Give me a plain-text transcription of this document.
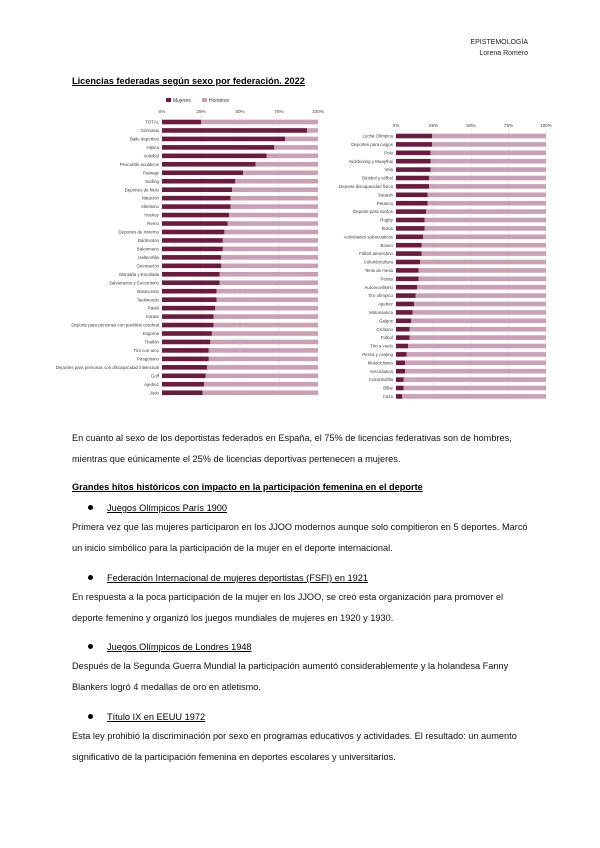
EPISTEMOLOGÍA
Lorena Romero
Licencias federadas según sexo por federación. 2022
0%	25%	50%	75%	100%
Mujeres	Hombres
TOTAL
Gimnasia
Baile deportivo
Hípica
Voleibol
Pesca/Ski acuáticos
Patinaje
Surfing
Deportes de hielo
Natación
Atletismo
Hockey
Remo
Deportes de invierno
Bádminton
Balonmano
Halterofilia
Orientación
Montaña y Escalada
Salvamento y Socorrismo
Baloncesto
Taekwondo
Pádel
Karate
Deporte para personas con parálisis cerebral
Esgrima
Triatlón
Tiro con arco
Piragüismo
Deportes para personas con discapacidad intelectual
Golf
Ajedrez
Judo
0%	25%	50%	75%	100%
Lucha Olímpica
Deportes para ciegos
Polo
Kickboxing y Muaythai
Vela
Béisbol y sófbol
Deporte discapacidad física
Squash
Petanca
Deporte para sordos
Rugby
Bolos
Actividades subacuáticas
Boxeo
Fútbol americano
Colombicultura
Tenis de mesa
Pelota
Automovilismo
Tiro olímpico
Ajedrez
Motonáutica
Galgos
Ciclismo
Fútbol
Tiro a vuelo
Pesca y casting
Motociclismo
Aeronáutica
Colombofilia
Billar
Caza
En cuanto al sexo de los deportistas federados en España, el 75% de licencias federativas son de hombres, mientras que eúnicamente el 25% de licencias deportivas pertenecen a mujeres.
Grandes hitos históricos con impacto en la participación femenina en el deporte
Juegos Olímpicos París 1900
Primera vez que las mujeres participaron en los JJOO modernos aunque solo compitieron en 5 deportes. Marcó un inicio simbólico para la participación de la mujer en el deporte internacional.
Federación Internacional de mujeres deportistas (FSFI) en 1921
En respuesta a la poca participación de la mujer en los JJOO, se creó esta organización para promover el deporte femenino y organizó los juegos mundiales de mujeres en 1920 y 1930.
Juegos Olímpicos de Londres 1948
Después de la Segunda Guerra Mundial la participación aumentó considerablemente y la holandesa Fanny Blankers logró 4 medallas de oro en atletismo.
Título IX en EEUU 1972
Esta ley prohibió la discriminación por sexo en programas educativos y actividades. El resultado: un aumento significativo de la participación femenina en deportes escolares y universitarios.
